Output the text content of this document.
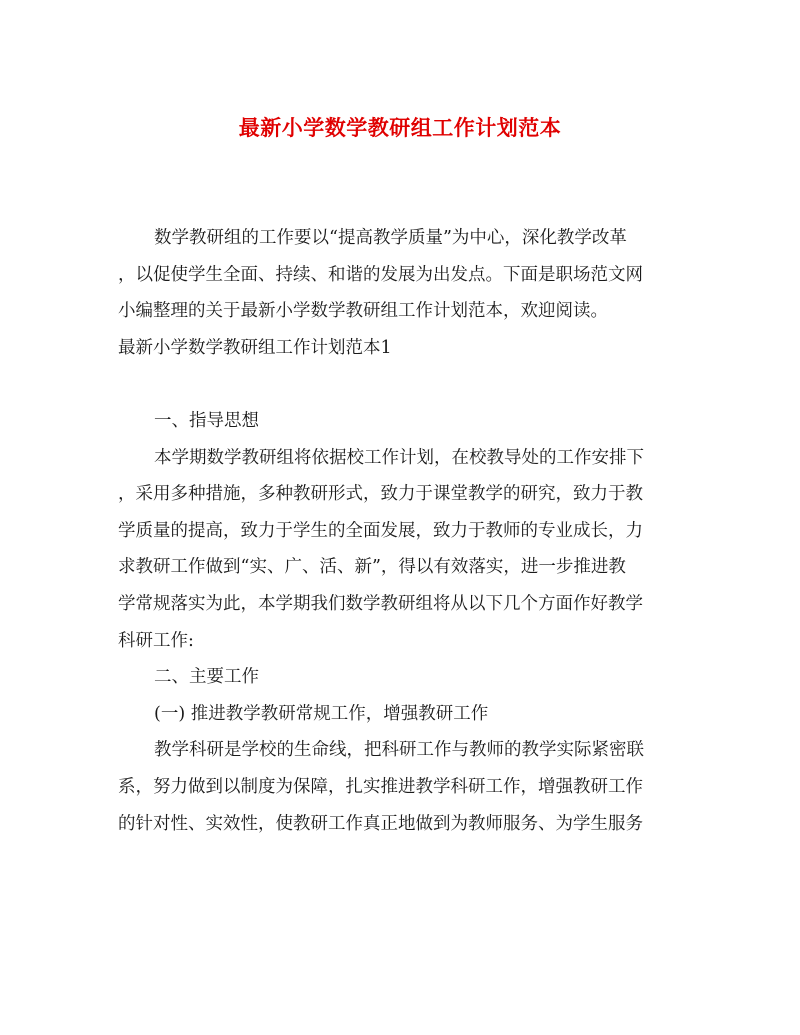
最新小学数学教研组工作计划范本
数学教研组的工作要以“提高教学质量”为中心，深化教学改革
，以促使学生全面、持续、和谐的发展为出发点。下面是职场范文网
小编整理的关于最新小学数学教研组工作计划范本，欢迎阅读。
最新小学数学教研组工作计划范本1
一、指导思想
本学期数学教研组将依据校工作计划，在校教导处的工作安排下
，采用多种措施，多种教研形式，致力于课堂教学的研究，致力于教
学质量的提高，致力于学生的全面发展，致力于教师的专业成长，力
求教研工作做到“实、广、活、新”，得以有效落实，进一步推进教
学常规落实为此，本学期我们数学教研组将从以下几个方面作好教学
科研工作:
二、主要工作
(一) 推进教学教研常规工作，增强教研工作
教学科研是学校的生命线，把科研工作与教师的教学实际紧密联
系，努力做到以制度为保障，扎实推进教学科研工作，增强教研工作
的针对性、实效性，使教研工作真正地做到为教师服务、为学生服务
